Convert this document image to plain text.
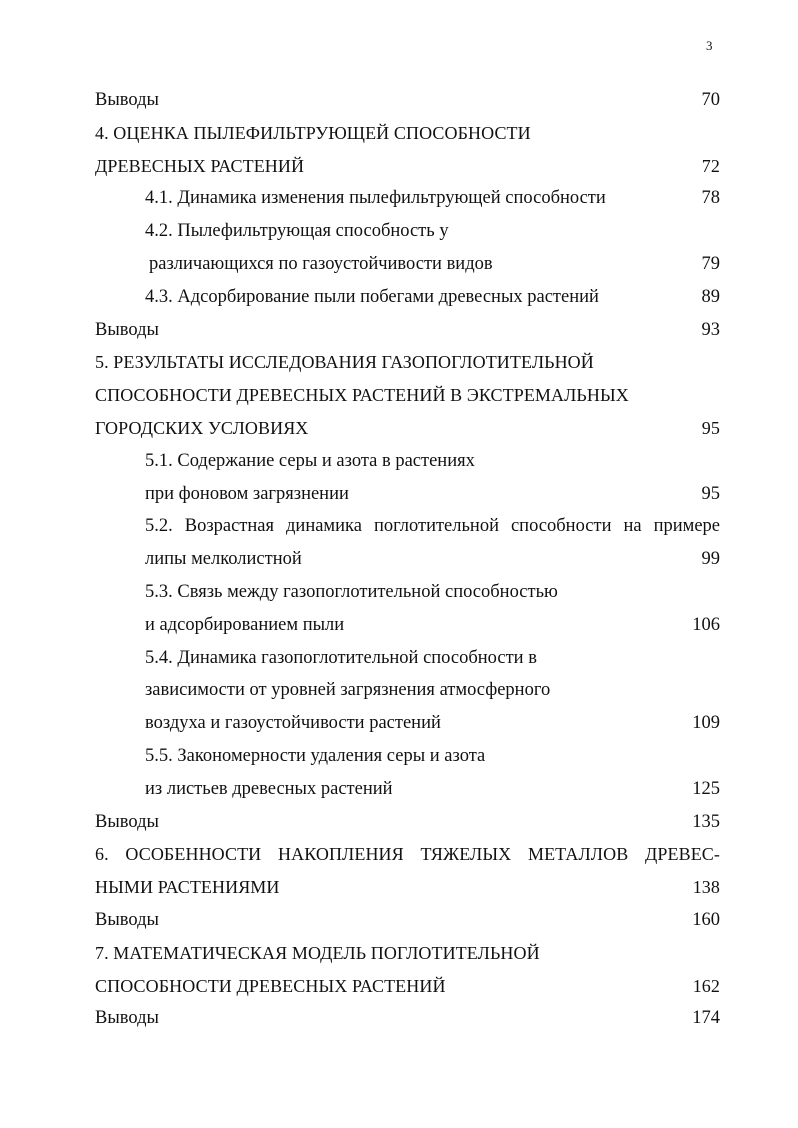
3
Выводы	70
4. ОЦЕНКА ПЫЛЕФИЛЬТРУЮЩЕЙ СПОСОБНОСТИ
ДРЕВЕСНЫХ РАСТЕНИЙ	72
4.1. Динамика изменения пылефильтрующей способности	78
4.2. Пылефильтрующая способность у
различающихся по газоустойчивости видов	79
4.3. Адсорбирование пыли побегами древесных растений	89
Выводы	93
5. РЕЗУЛЬТАТЫ ИССЛЕДОВАНИЯ ГАЗОПОГЛОТИТЕЛЬНОЙ
СПОСОБНОСТИ ДРЕВЕСНЫХ РАСТЕНИЙ В ЭКСТРЕМАЛЬНЫХ
ГОРОДСКИХ УСЛОВИЯХ	95
5.1. Содержание серы и азота в растениях
при фоновом загрязнении	95
5.2. Возрастная динамика поглотительной способности на примере
липы мелколистной	99
5.3. Связь между газопоглотительной способностью
и адсорбированием пыли	106
5.4. Динамика газопоглотительной способности в
зависимости от уровней загрязнения атмосферного
воздуха и газоустойчивости растений	109
5.5. Закономерности удаления серы и азота
из листьев древесных растений	125
Выводы	135
6. ОСОБЕННОСТИ НАКОПЛЕНИЯ ТЯЖЕЛЫХ МЕТАЛЛОВ ДРЕВЕС-
НЫМИ РАСТЕНИЯМИ	138
Выводы	160
7. МАТЕМАТИЧЕСКАЯ МОДЕЛЬ ПОГЛОТИТЕЛЬНОЙ
СПОСОБНОСТИ ДРЕВЕСНЫХ РАСТЕНИЙ	162
Выводы	174
